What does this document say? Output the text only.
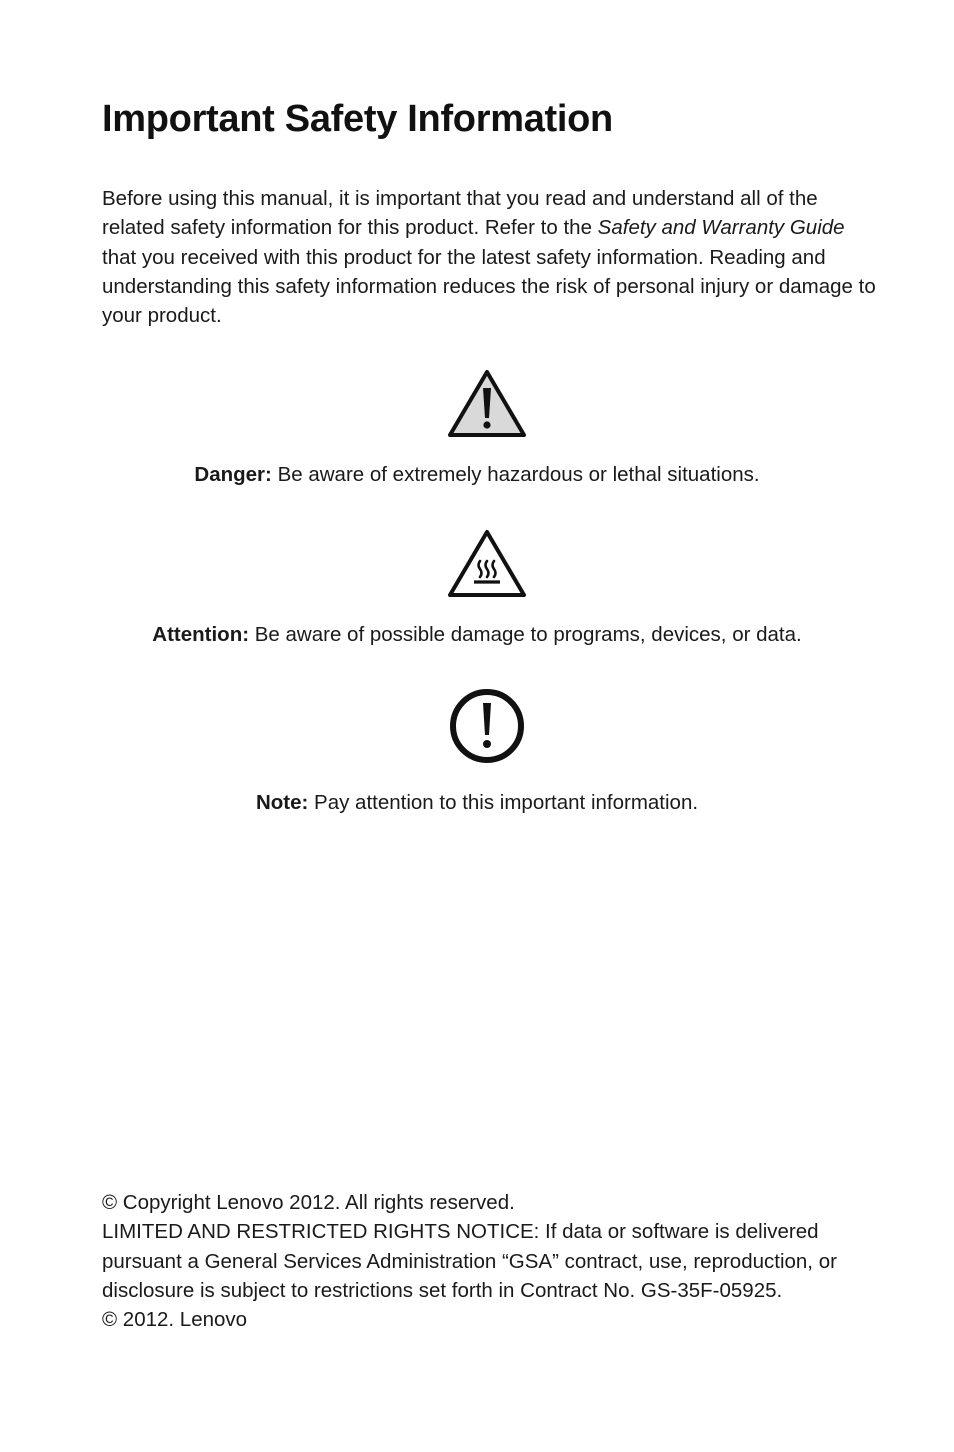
Important Safety Information

Before using this manual, it is important that you read and understand all of the related safety information for this product. Refer to the Safety and Warranty Guide that you received with this product for the latest safety information. Reading and understanding this safety information reduces the risk of personal injury or damage to your product.

Danger: Be aware of extremely hazardous or lethal situations.

Attention: Be aware of possible damage to programs, devices, or data.

Note: Pay attention to this important information.

© Copyright Lenovo 2012. All rights reserved.

LIMITED AND RESTRICTED RIGHTS NOTICE: If data or software is delivered pursuant a General Services Administration “GSA” contract, use, reproduction, or disclosure is subject to restrictions set forth in Contract No. GS-35F-05925.

© 2012. Lenovo
